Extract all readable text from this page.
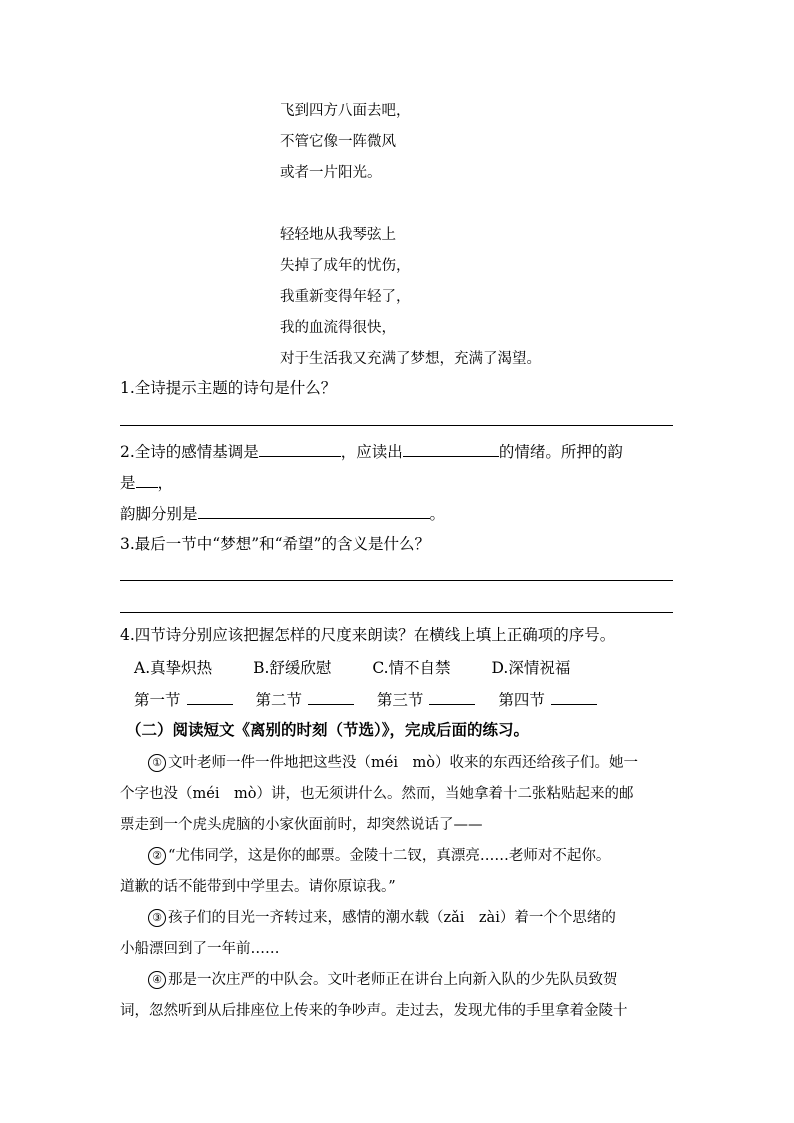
飞到四方八面去吧，
不管它像一阵微风
或者一片阳光。
轻轻地从我琴弦上
失掉了成年的忧伤，
我重新变得年轻了，
我的血流得很快，
对于生活我又充满了梦想，充满了渴望。
1.全诗提示主题的诗句是什么？
2.全诗的感情基调是	，应读出	的情绪。所押的韵
是 ，
韵脚分别是	。
3.最后一节中“梦想”和“希望”的含义是什么？
4.四节诗分别应该把握怎样的尺度来朗读？在横线上填上正确项的序号。
A.真挚炽热	B.舒缓欣慰	C.情不自禁	D.深情祝福
第一节	第二节	第三节	第四节
（二）阅读短文《离别的时刻（节选）》，完成后面的练习。
① 文叶老师一件一件地把这些没（méi　mò）收来的东西还给孩子们。她一
个字也没（méi　mò）讲，也无须讲什么。然而，当她拿着十二张粘贴起来的邮
票走到一个虎头虎脑的小家伙面前时，却突然说话了——
② “尤伟同学，这是你的邮票。金陵十二钗，真漂亮……老师对不起你。
道歉的话不能带到中学里去。请你原谅我。”
③ 孩子们的目光一齐转过来，感情的潮水载（zǎi　zài）着一个个思绪的
小船漂回到了一年前……
④ 那是一次庄严的中队会。文叶老师正在讲台上向新入队的少先队员致贺
词，忽然听到从后排座位上传来的争吵声。走过去，发现尤伟的手里拿着金陵十
